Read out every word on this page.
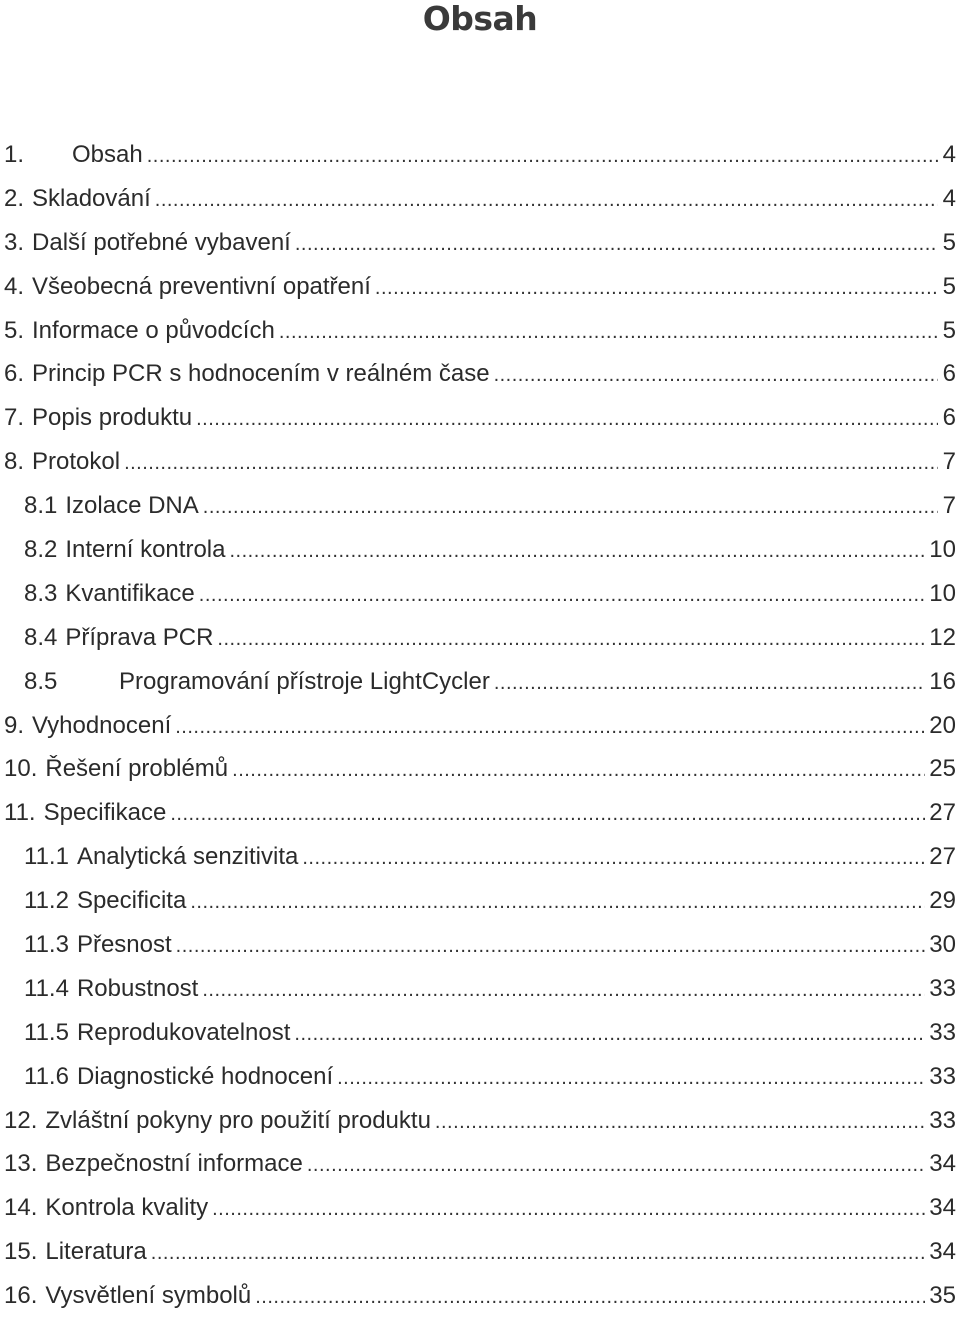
Obsah
1.	Obsah .....	4
2. Skladování .....	4
3. Další potřebné vybavení .....	5
4. Všeobecná preventivní opatření .....	5
5. Informace o původcích .....	5
6. Princip PCR s hodnocením v reálném čase .....	6
7. Popis produktu .....	6
8. Protokol .....	7
8.1 Izolace DNA .....	7
8.2 Interní kontrola .....	10
8.3 Kvantifikace .....	10
8.4 Příprava PCR .....	12
8.5	Programování přístroje LightCycler .....	16
9. Vyhodnocení .....	20
10. Řešení problémů .....	25
11. Specifikace .....	27
11.1 Analytická senzitivita .....	27
11.2 Specificita .....	29
11.3 Přesnost .....	30
11.4 Robustnost .....	33
11.5 Reprodukovatelnost .....	33
11.6 Diagnostické hodnocení .....	33
12. Zvláštní pokyny pro použití produktu .....	33
13. Bezpečnostní informace .....	34
14. Kontrola kvality .....	34
15. Literatura .....	34
16. Vysvětlení symbolů .....	35
